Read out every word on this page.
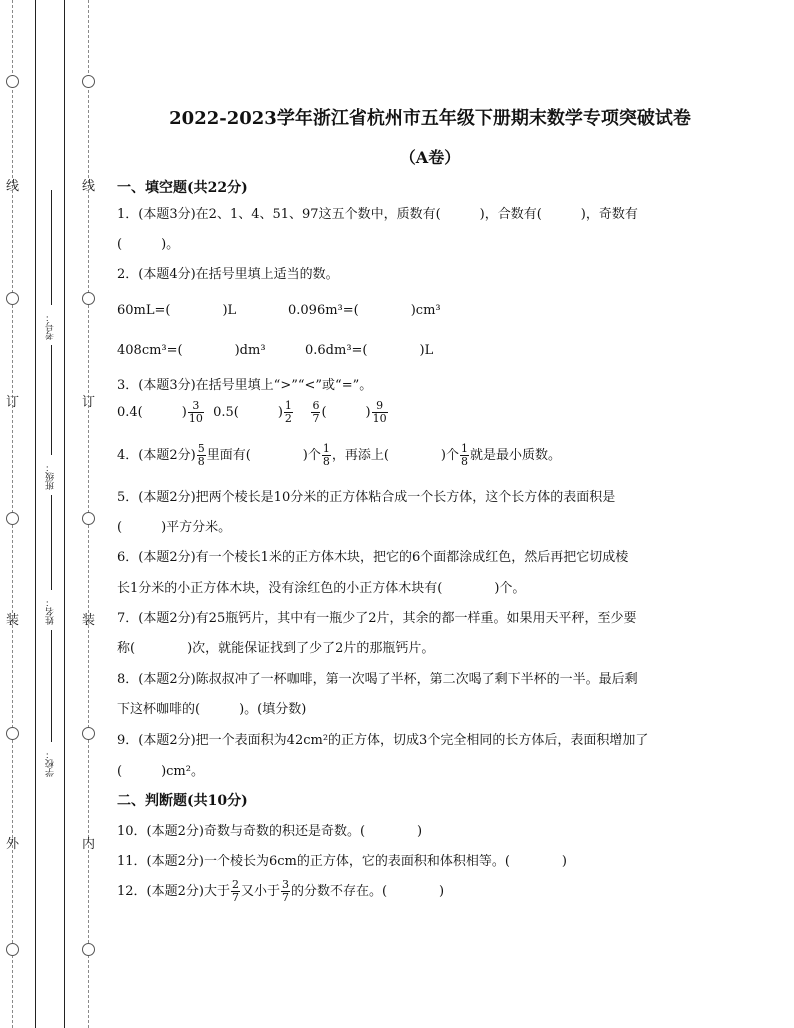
线
订
装
外
考号：
班级：
姓名：
学校：
线
订
装
内
2022-2023学年浙江省杭州市五年级下册期末数学专项突破试卷
（A卷）
一、填空题(共22分)
1．(本题3分)在2、1、4、51、97这五个数中，质数有(　　　)，合数有(　　　)，奇数有
(　　　)。
2．(本题4分)在括号里填上适当的数。
60mL=(　　　　)L	0.096m³=(　　　　)cm³
408cm³=(　　　　)dm³	0.6dm³=(　　　　)L
3．(本题3分)在括号里填上“>”“<”或“=”。
0.4(　　　) $\frac{3}{10} 0.5$(　　　) $\frac{1}{2}$
$\frac{6}{7}$ (　　　) $\frac{9}{10}$
4．(本题2分) $\frac{5}{8}$ 里面有(　　　　)个 $\frac{1}{8}$ ，再添上(　　　　)个 $\frac{1}{8}$ 就是最小质数。
5．(本题2分)把两个棱长是10分米的正方体粘合成一个长方体，这个长方体的表面积是
(　　　)平方分米。
6．(本题2分)有一个棱长1米的正方体木块，把它的6个面都涂成红色，然后再把它切成棱
长1分米的小正方体木块，没有涂红色的小正方体木块有(　　　　)个。
7．(本题2分)有25瓶钙片，其中有一瓶少了2片，其余的都一样重。如果用天平秤，至少要
称(　　　　)次，就能保证找到了少了2片的那瓶钙片。
8．(本题2分)陈叔叔冲了一杯咖啡，第一次喝了半杯，第二次喝了剩下半杯的一半。最后剩
下这杯咖啡的(　　　)。(填分数)
9．(本题2分)把一个表面积为42cm²的正方体，切成3个完全相同的长方体后，表面积增加了
(　　　)cm²。
二、判断题(共10分)
10．(本题2分)奇数与奇数的积还是奇数。(　　　　)
11．(本题2分)一个棱长为6cm的正方体，它的表面积和体积相等。(　　　　)
12．(本题2分)大于 $\frac{2}{7}$ 又小于 $\frac{3}{7}$ 的分数不存在。(　　　　)
